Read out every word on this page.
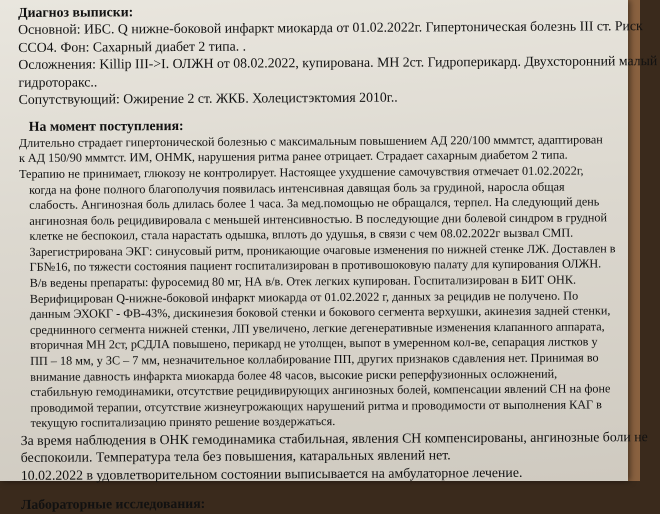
Диагноз выписки:
Основной: ИБС. Q нижне-боковой инфаркт миокарда от 01.02.2022г. Гипертоническая болезнь III ст. Риск
ССО4. Фон: Сахарный диабет 2 типа. .
Осложнения: Killip III->I. ОЛЖН от 08.02.2022, купирована. МН 2ст. Гидроперикард. Двухсторонний малый
гидроторакс..
Сопутствующий: Ожирение 2 ст. ЖКБ. Холецистэктомия 2010г..
На момент поступления:
Длительно страдает гипертонической болезнью с максимальным повышением АД 220/100 мммтст, адаптирован
к АД 150/90 мммтст. ИМ, ОНМК, нарушения ритма ранее отрицает. Страдает сахарным диабетом 2 типа.
Терапию не принимает, глюкозу не контролирует. Настоящее ухудшение самочувствия отмечает 01.02.2022г,
когда на фоне полного благополучия появилась интенсивная давящая боль за грудиной, наросла общая
слабость. Ангинозная боль длилась более 1 часа. За мед.помощью не обращался, терпел. На следующий день
ангинозная боль рецидивировала с меньшей интенсивностью. В последующие дни болевой синдром в грудной
клетке не беспокоил, стала нарастать одышка, вплоть до удушья, в связи с чем 08.02.2022г вызвал СМП.
Зарегистрирована ЭКГ: синусовый ритм, проникающие очаговые изменения по нижней стенке ЛЖ. Доставлен в
ГБ№16, по тяжести состояния пациент госпитализирован в противошоковую палату для купирования ОЛЖН.
В/в ведены препараты: фуросемид 80 мг, НА в/в. Отек легких купирован. Госпитализирован в БИТ ОНК.
Верифицирован Q-нижне-боковой инфаркт миокарда от 01.02.2022 г, данных за рецидив не получено. По
данным ЭХОКГ - ФВ-43%, дискинезия боковой стенки и бокового сегмента верхушки, акинезия задней стенки,
среднинного сегмента нижней стенки, ЛП увеличено, легкие дегенеративные изменения клапанного аппарата,
вторичная МН 2ст, рСДЛА повышено, перикард не утолщен, выпот в умеренном кол-ве, сепарация листков у
ПП – 18 мм, у ЗС – 7 мм, незначительное коллабирование ПП, других признаков сдавления нет. Принимая во
внимание давность инфаркта миокарда более 48 часов, высокие риски реперфузионных осложнений,
стабильную гемодинамики, отсутствие рецидивирующих ангинозных болей, компенсации явлений СН на фоне
проводимой терапии, отсутствие жизнеугрожающих нарушений ритма и проводимости от выполнения КАГ в
текущую госпитализацию принято решение воздержаться.
За время наблюдения в ОНК гемодинамика стабильная, явления СН компенсированы, ангинозные боли не
беспокоили. Температура тела без повышения, катаральных явлений нет.
10.02.2022 в удовлетворительном состоянии выписывается на амбулаторное лечение.
Лабораторные исследования:
